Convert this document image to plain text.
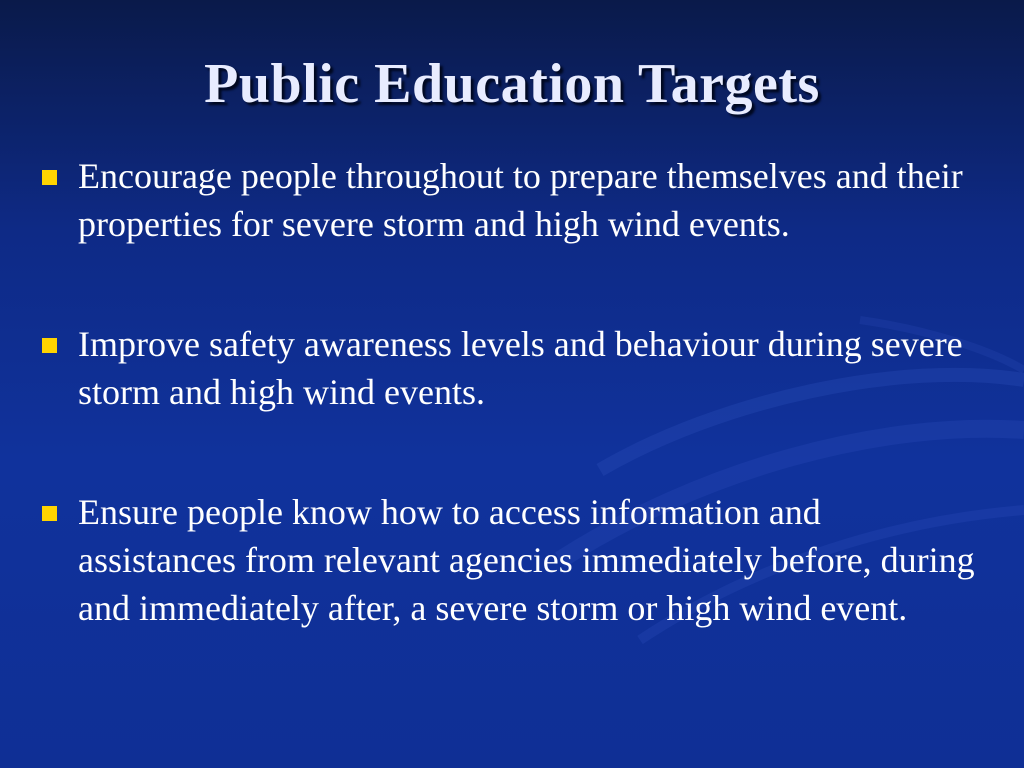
Public Education Targets
Encourage people throughout to prepare themselves and their properties for severe storm and high wind events.
Improve safety awareness levels and behaviour during severe storm and high wind events.
Ensure people know how to access information and assistances from relevant agencies immediately before, during and immediately after, a severe storm or high wind event.
